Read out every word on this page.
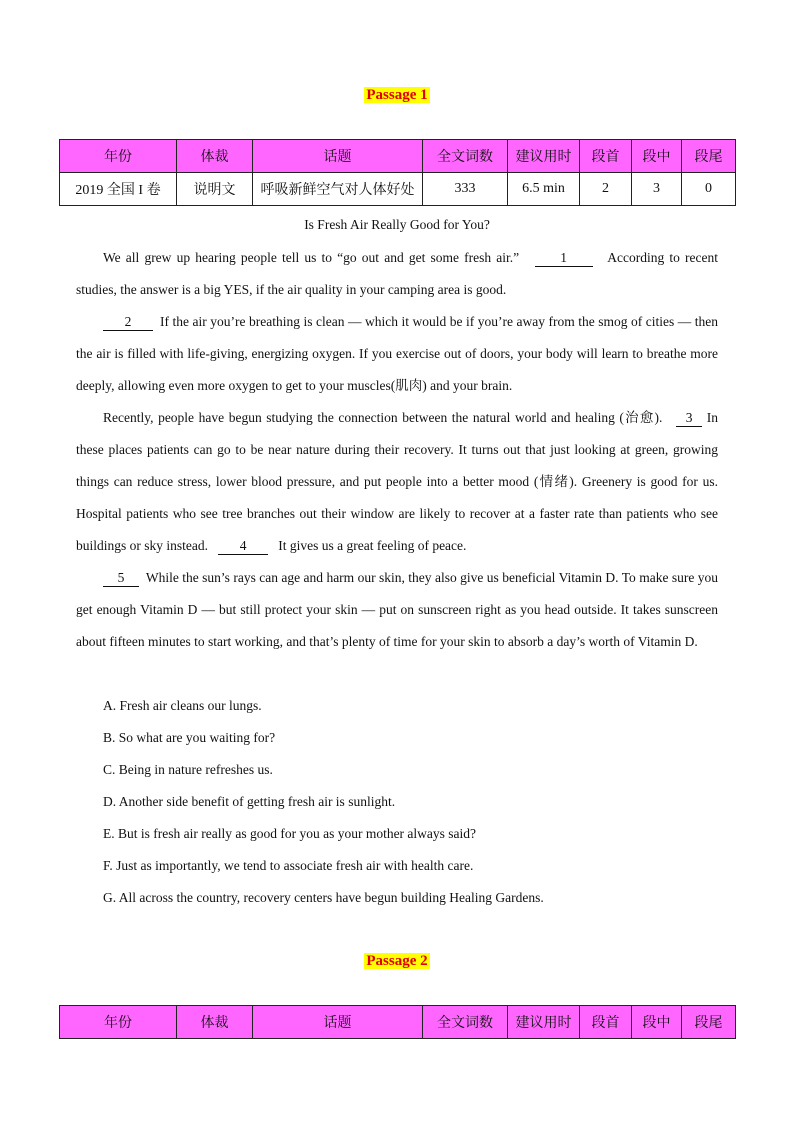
Passage 1
年份	体裁	话题	全文词数	建议用时	段首	段中	段尾
2019 全国 I 卷	说明文	呼吸新鲜空气对人体好处	333	6.5 min	2	3	0
Is Fresh Air Really Good for You?
We all grew up hearing people tell us to “go out and get some fresh air.”	1	According to recent studies, the answer is a big YES, if the air quality in your camping area is good.
2 If the air you’re breathing is clean — which it would be if you’re away from the smog of cities — then the air is filled with life-giving, energizing oxygen. If you exercise out of doors, your body will learn to breathe more deeply, allowing even more oxygen to get to your muscles(肌肉) and your brain.
Recently, people have begun studying the connection between the natural world and healing (治愈). 3 In these places patients can go to be near nature during their recovery. It turns out that just looking at green, growing things can reduce stress, lower blood pressure, and put people into a better mood (情绪). Greenery is good for us. Hospital patients who see tree branches out their window are likely to recover at a faster rate than patients who see buildings or sky instead. 4 It gives us a great feeling of peace.
5 While the sun’s rays can age and harm our skin, they also give us beneficial Vitamin D. To make sure you get enough Vitamin D — but still protect your skin — put on sunscreen right as you head outside. It takes sunscreen about fifteen minutes to start working, and that’s plenty of time for your skin to absorb a day’s worth of Vitamin D.
A. Fresh air cleans our lungs.
B. So what are you waiting for?
C. Being in nature refreshes us.
D. Another side benefit of getting fresh air is sunlight.
E. But is fresh air really as good for you as your mother always said?
F. Just as importantly, we tend to associate fresh air with health care.
G. All across the country, recovery centers have begun building Healing Gardens.
Passage 2
年份	体裁	话题	全文词数	建议用时	段首	段中	段尾
